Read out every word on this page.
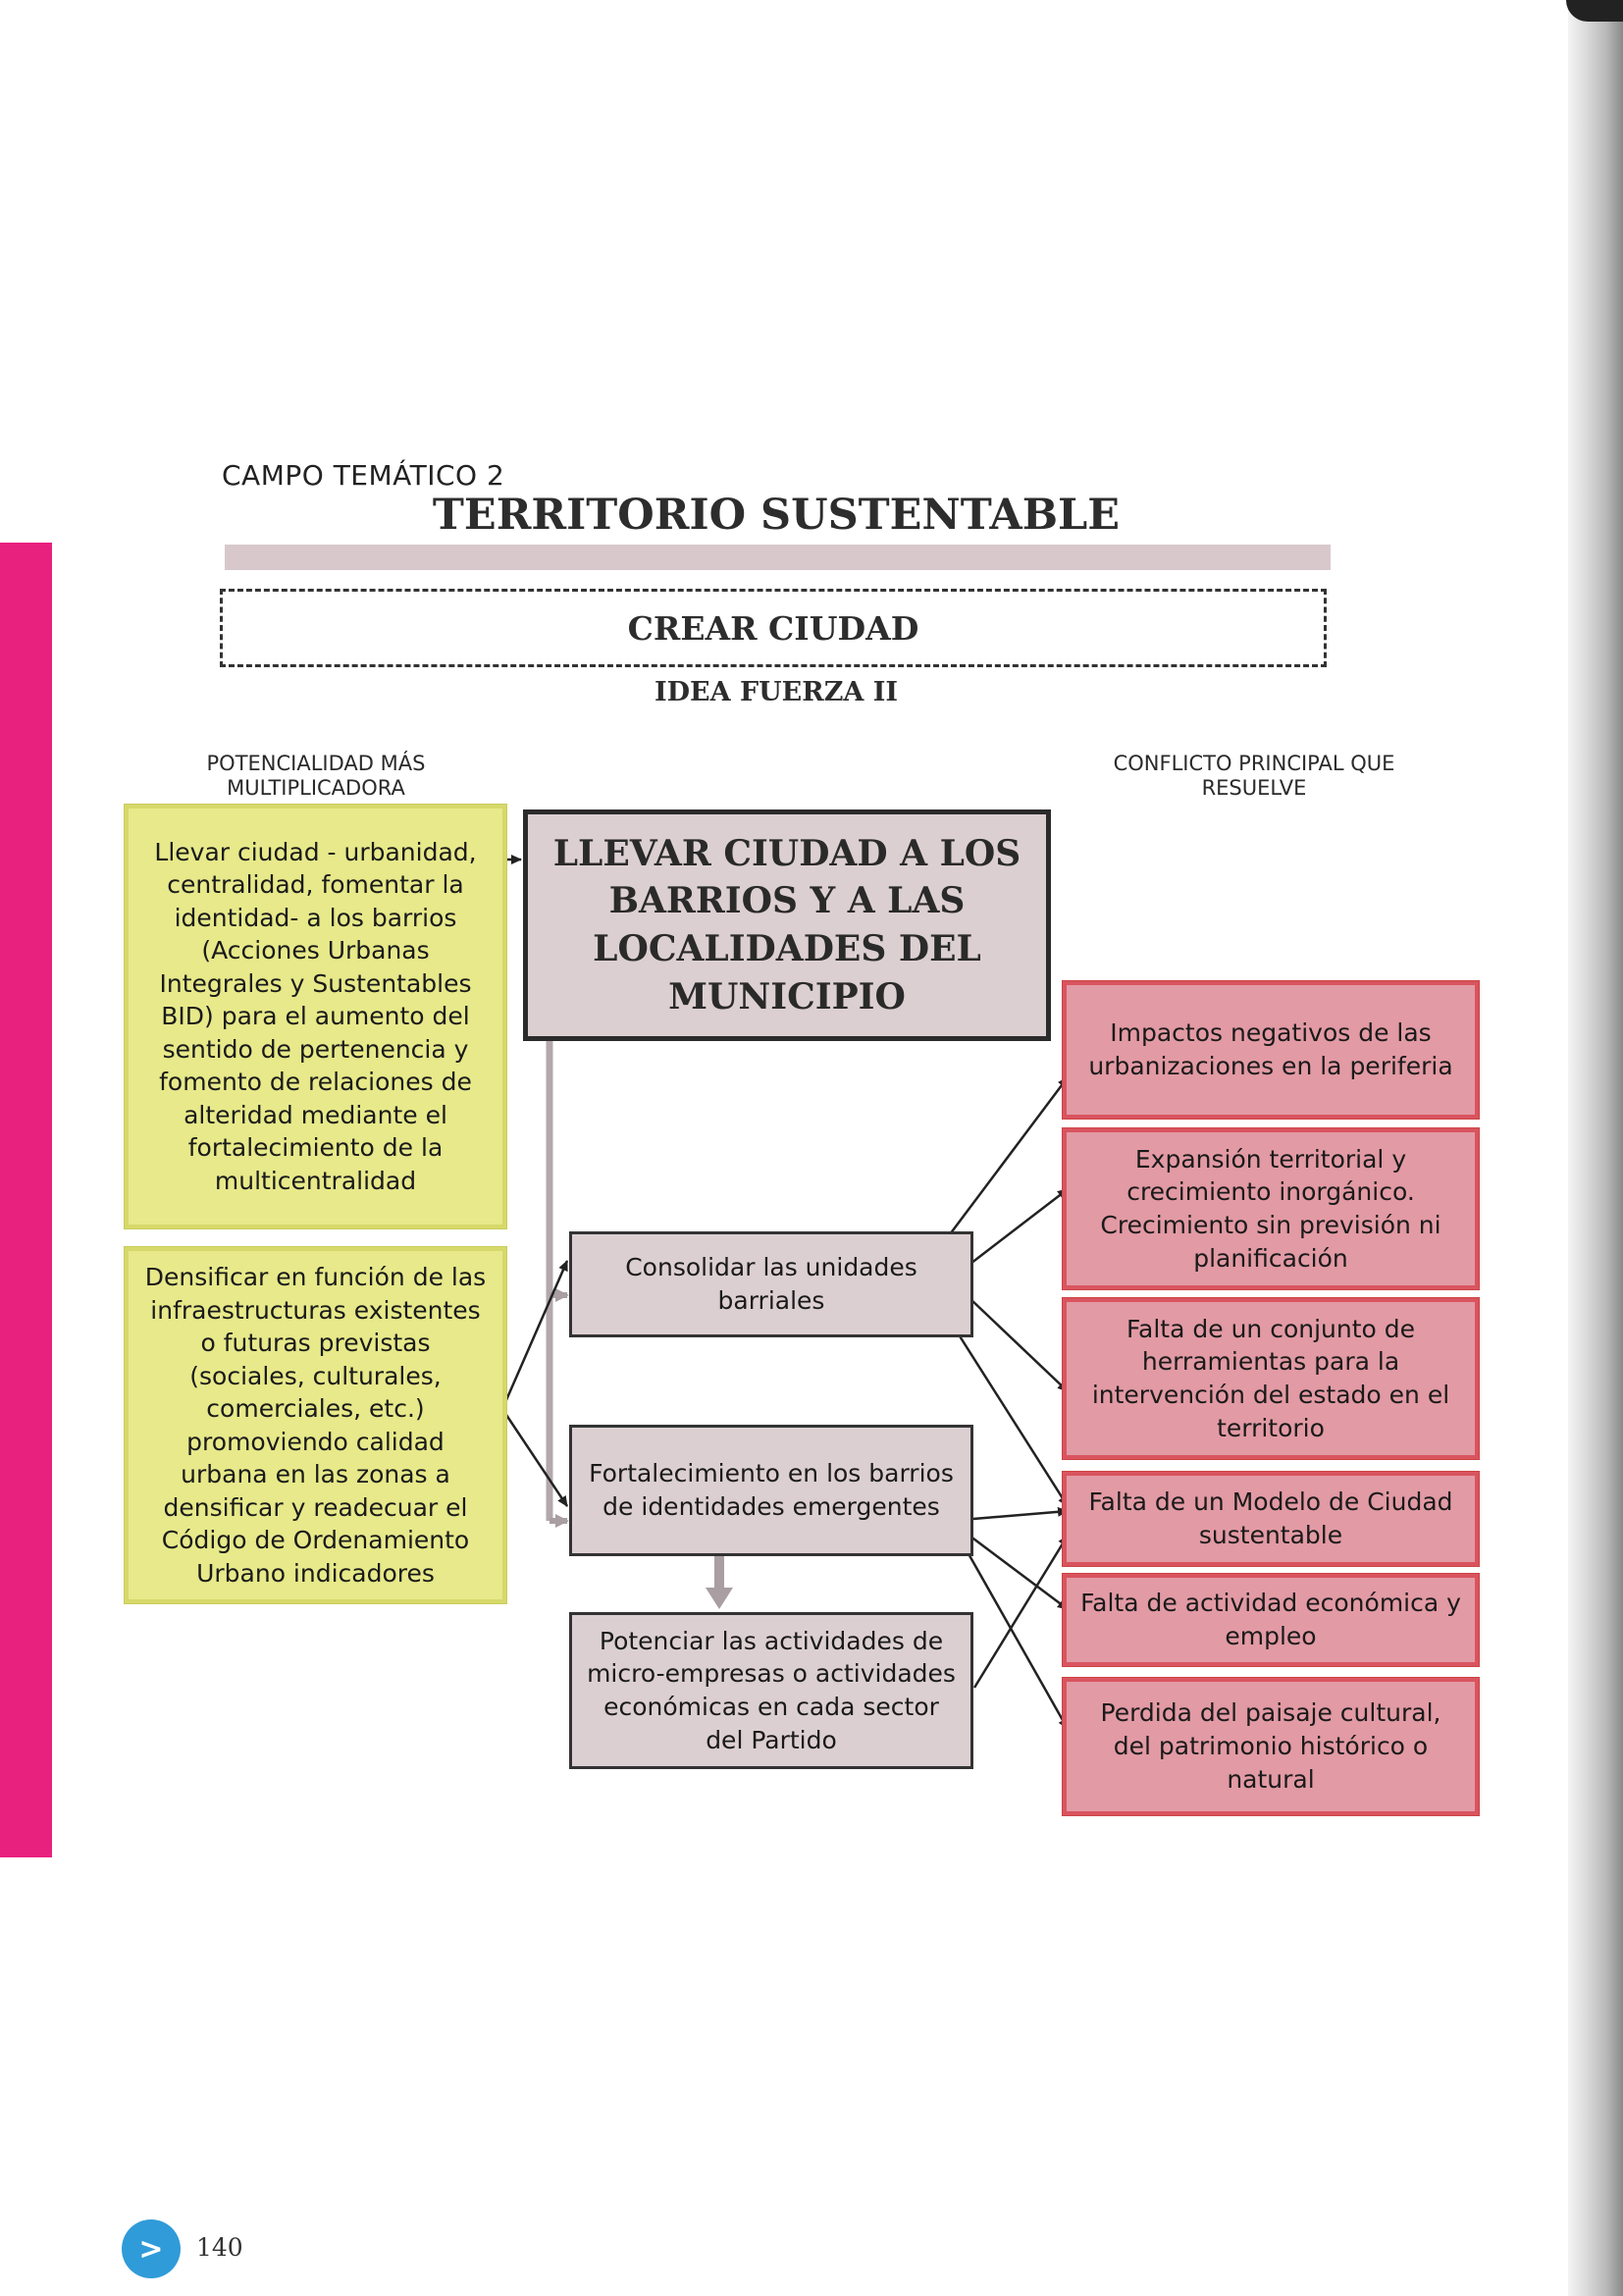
CAMPO TEMÁTICO 2
TERRITORIO SUSTENTABLE
CREAR CIUDAD
IDEA FUERZA II
POTENCIALIDAD MÁS MULTIPLICADORA
CONFLICTO PRINCIPAL QUE RESUELVE
Llevar ciudad - urbanidad, centralidad, fomentar la identidad- a los barrios (Acciones Urbanas Integrales y Sustentables BID) para el aumento del sentido de pertenencia y fomento de relaciones de alteridad mediante el fortalecimiento de la multicentralidad
Densificar en función de las infraestructuras existentes o futuras previstas (sociales, culturales, comerciales, etc.) promoviendo calidad urbana en las zonas a densificar y readecuar el Código de Ordenamiento Urbano indicadores
LLEVAR CIUDAD A LOS BARRIOS Y A LAS LOCALIDADES DEL MUNICIPIO
Consolidar las unidades barriales
Fortalecimiento en los barrios de identidades emergentes
Potenciar las actividades de micro-empresas o actividades económicas en cada sector del Partido
Impactos negativos de las urbanizaciones en la periferia
Expansión territorial y crecimiento inorgánico. Crecimiento sin previsión ni planificación
Falta de un conjunto de herramientas para la intervención del estado en el territorio
Falta de un Modelo de Ciudad sustentable
Falta de actividad económica y empleo
Perdida del paisaje cultural, del patrimonio histórico o natural
> 140
